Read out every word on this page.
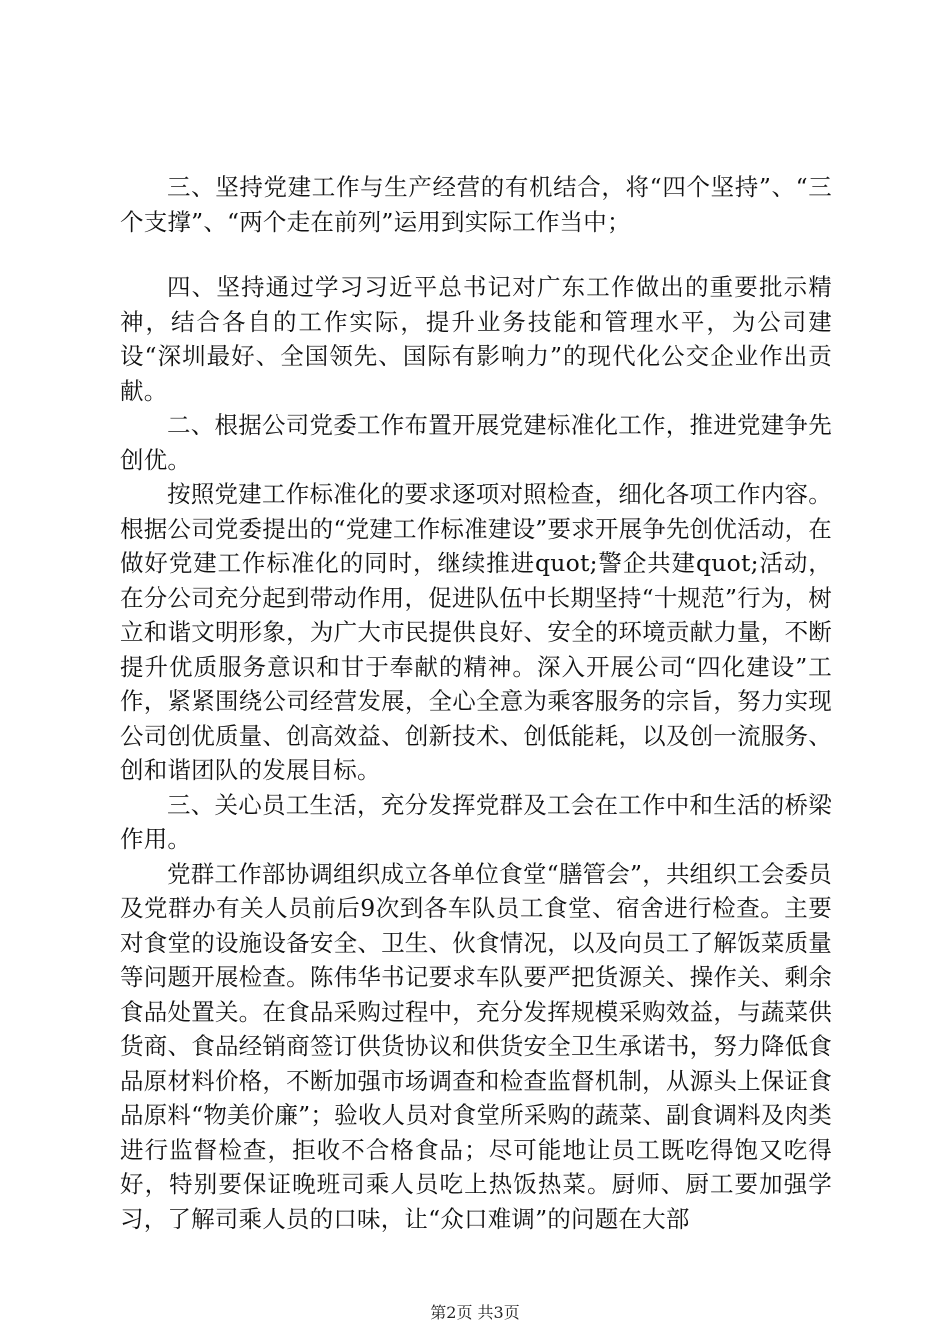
三、坚持党建工作与生产经营的有机结合，将“四个坚持”、“三个支撑”、“两个走在前列”运用到实际工作当中；

四、坚持通过学习习近平总书记对广东工作做出的重要批示精神，结合各自的工作实际，提升业务技能和管理水平，为公司建设“深圳最好、全国领先、国际有影响力”的现代化公交企业作出贡献。

二、根据公司党委工作布置开展党建标准化工作，推进党建争先创优。

按照党建工作标准化的要求逐项对照检查，细化各项工作内容。根据公司党委提出的“党建工作标准建设”要求开展争先创优活动，在做好党建工作标准化的同时，继续推进quot;警企共建quot;活动，在分公司充分起到带动作用，促进队伍中长期坚持“十规范”行为，树立和谐文明形象，为广大市民提供良好、安全的环境贡献力量，不断提升优质服务意识和甘于奉献的精神。深入开展公司“四化建设”工作，紧紧围绕公司经营发展，全心全意为乘客服务的宗旨，努力实现公司创优质量、创高效益、创新技术、创低能耗，以及创一流服务、创和谐团队的发展目标。

三、关心员工生活，充分发挥党群及工会在工作中和生活的桥梁作用。

党群工作部协调组织成立各单位食堂“膳管会”，共组织工会委员及党群办有关人员前后9次到各车队员工食堂、宿舍进行检查。主要对食堂的设施设备安全、卫生、伙食情况，以及向员工了解饭菜质量等问题开展检查。陈伟华书记要求车队要严把货源关、操作关、剩余食品处置关。在食品采购过程中，充分发挥规模采购效益，与蔬菜供货商、食品经销商签订供货协议和供货安全卫生承诺书，努力降低食品原材料价格，不断加强市场调查和检查监督机制，从源头上保证食品原料“物美价廉”；验收人员对食堂所采购的蔬菜、副食调料及肉类进行监督检查，拒收不合格食品；尽可能地让员工既吃得饱又吃得好，特别要保证晚班司乘人员吃上热饭热菜。厨师、厨工要加强学习，了解司乘人员的口味，让“众口难调”的问题在大部

第2页 共3页
